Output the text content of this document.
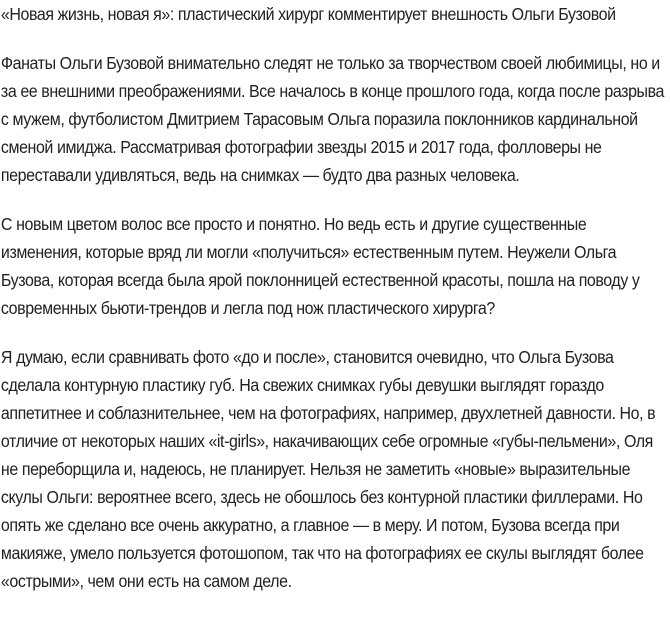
«Новая жизнь, новая я»: пластический хирург комментирует внешность Ольги Бузовой

Фанаты Ольги Бузовой внимательно следят не только за творчеством своей любимицы, но и за ее внешними преображениями. Все началось в конце прошлого года, когда после разрыва с мужем, футболистом Дмитрием Тарасовым Ольга поразила поклонников кардинальной сменой имиджа. Рассматривая фотографии звезды 2015 и 2017 года, фолловеры не переставали удивляться, ведь на снимках — будто два разных человека.

С новым цветом волос все просто и понятно. Но ведь есть и другие существенные изменения, которые вряд ли могли «получиться» естественным путем. Неужели Ольга Бузова, которая всегда была ярой поклонницей естественной красоты, пошла на поводу у современных бьюти-трендов и легла под нож пластического хирурга?

Я думаю, если сравнивать фото «до и после», становится очевидно, что Ольга Бузова сделала контурную пластику губ. На свежих снимках губы девушки выглядят гораздо аппетитнее и соблазнительнее, чем на фотографиях, например, двухлетней давности. Но, в отличие от некоторых наших «it-girls», накачивающих себе огромные «губы-пельмени», Оля не переборщила и, надеюсь, не планирует. Нельзя не заметить «новые» выразительные скулы Ольги: вероятнее всего, здесь не обошлось без контурной пластики филлерами. Но опять же сделано все очень аккуратно, а главное — в меру. И потом, Бузова всегда при макияже, умело пользуется фотошопом, так что на фотографиях ее скулы выглядят более «острыми», чем они есть на самом деле.
